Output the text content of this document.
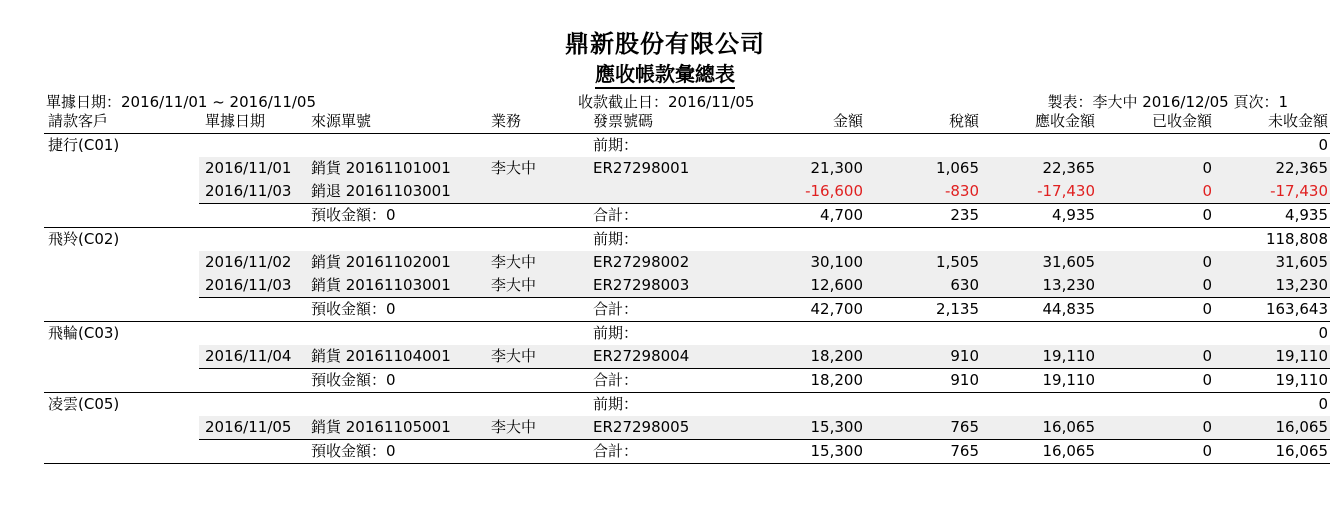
鼎新股份有限公司
應收帳款彙總表
單據日期：2016/11/01 ~ 2016/11/05	收款截止日：2016/11/05	製表：李大中 2016/12/05 頁次：1
請款客戶	單據日期	來源單號	業務	發票號碼	金額	稅額	應收金額	已收金額	未收金額
捷行(C01)				前期：					0
	2016/11/01	銷貨 20161101001	李大中	ER27298001	21,300	1,065	22,365	0	22,365
	2016/11/03	銷退 20161103001			-16,600	-830	-17,430	0	-17,430
		預收金額：0		合計：	4,700	235	4,935	0	4,935
飛羚(C02)				前期：					118,808
	2016/11/02	銷貨 20161102001	李大中	ER27298002	30,100	1,505	31,605	0	31,605
	2016/11/03	銷貨 20161103001	李大中	ER27298003	12,600	630	13,230	0	13,230
		預收金額：0		合計：	42,700	2,135	44,835	0	163,643
飛輪(C03)				前期：					0
	2016/11/04	銷貨 20161104001	李大中	ER27298004	18,200	910	19,110	0	19,110
		預收金額：0		合計：	18,200	910	19,110	0	19,110
凌雲(C05)				前期：					0
	2016/11/05	銷貨 20161105001	李大中	ER27298005	15,300	765	16,065	0	16,065
		預收金額：0		合計：	15,300	765	16,065	0	16,065
